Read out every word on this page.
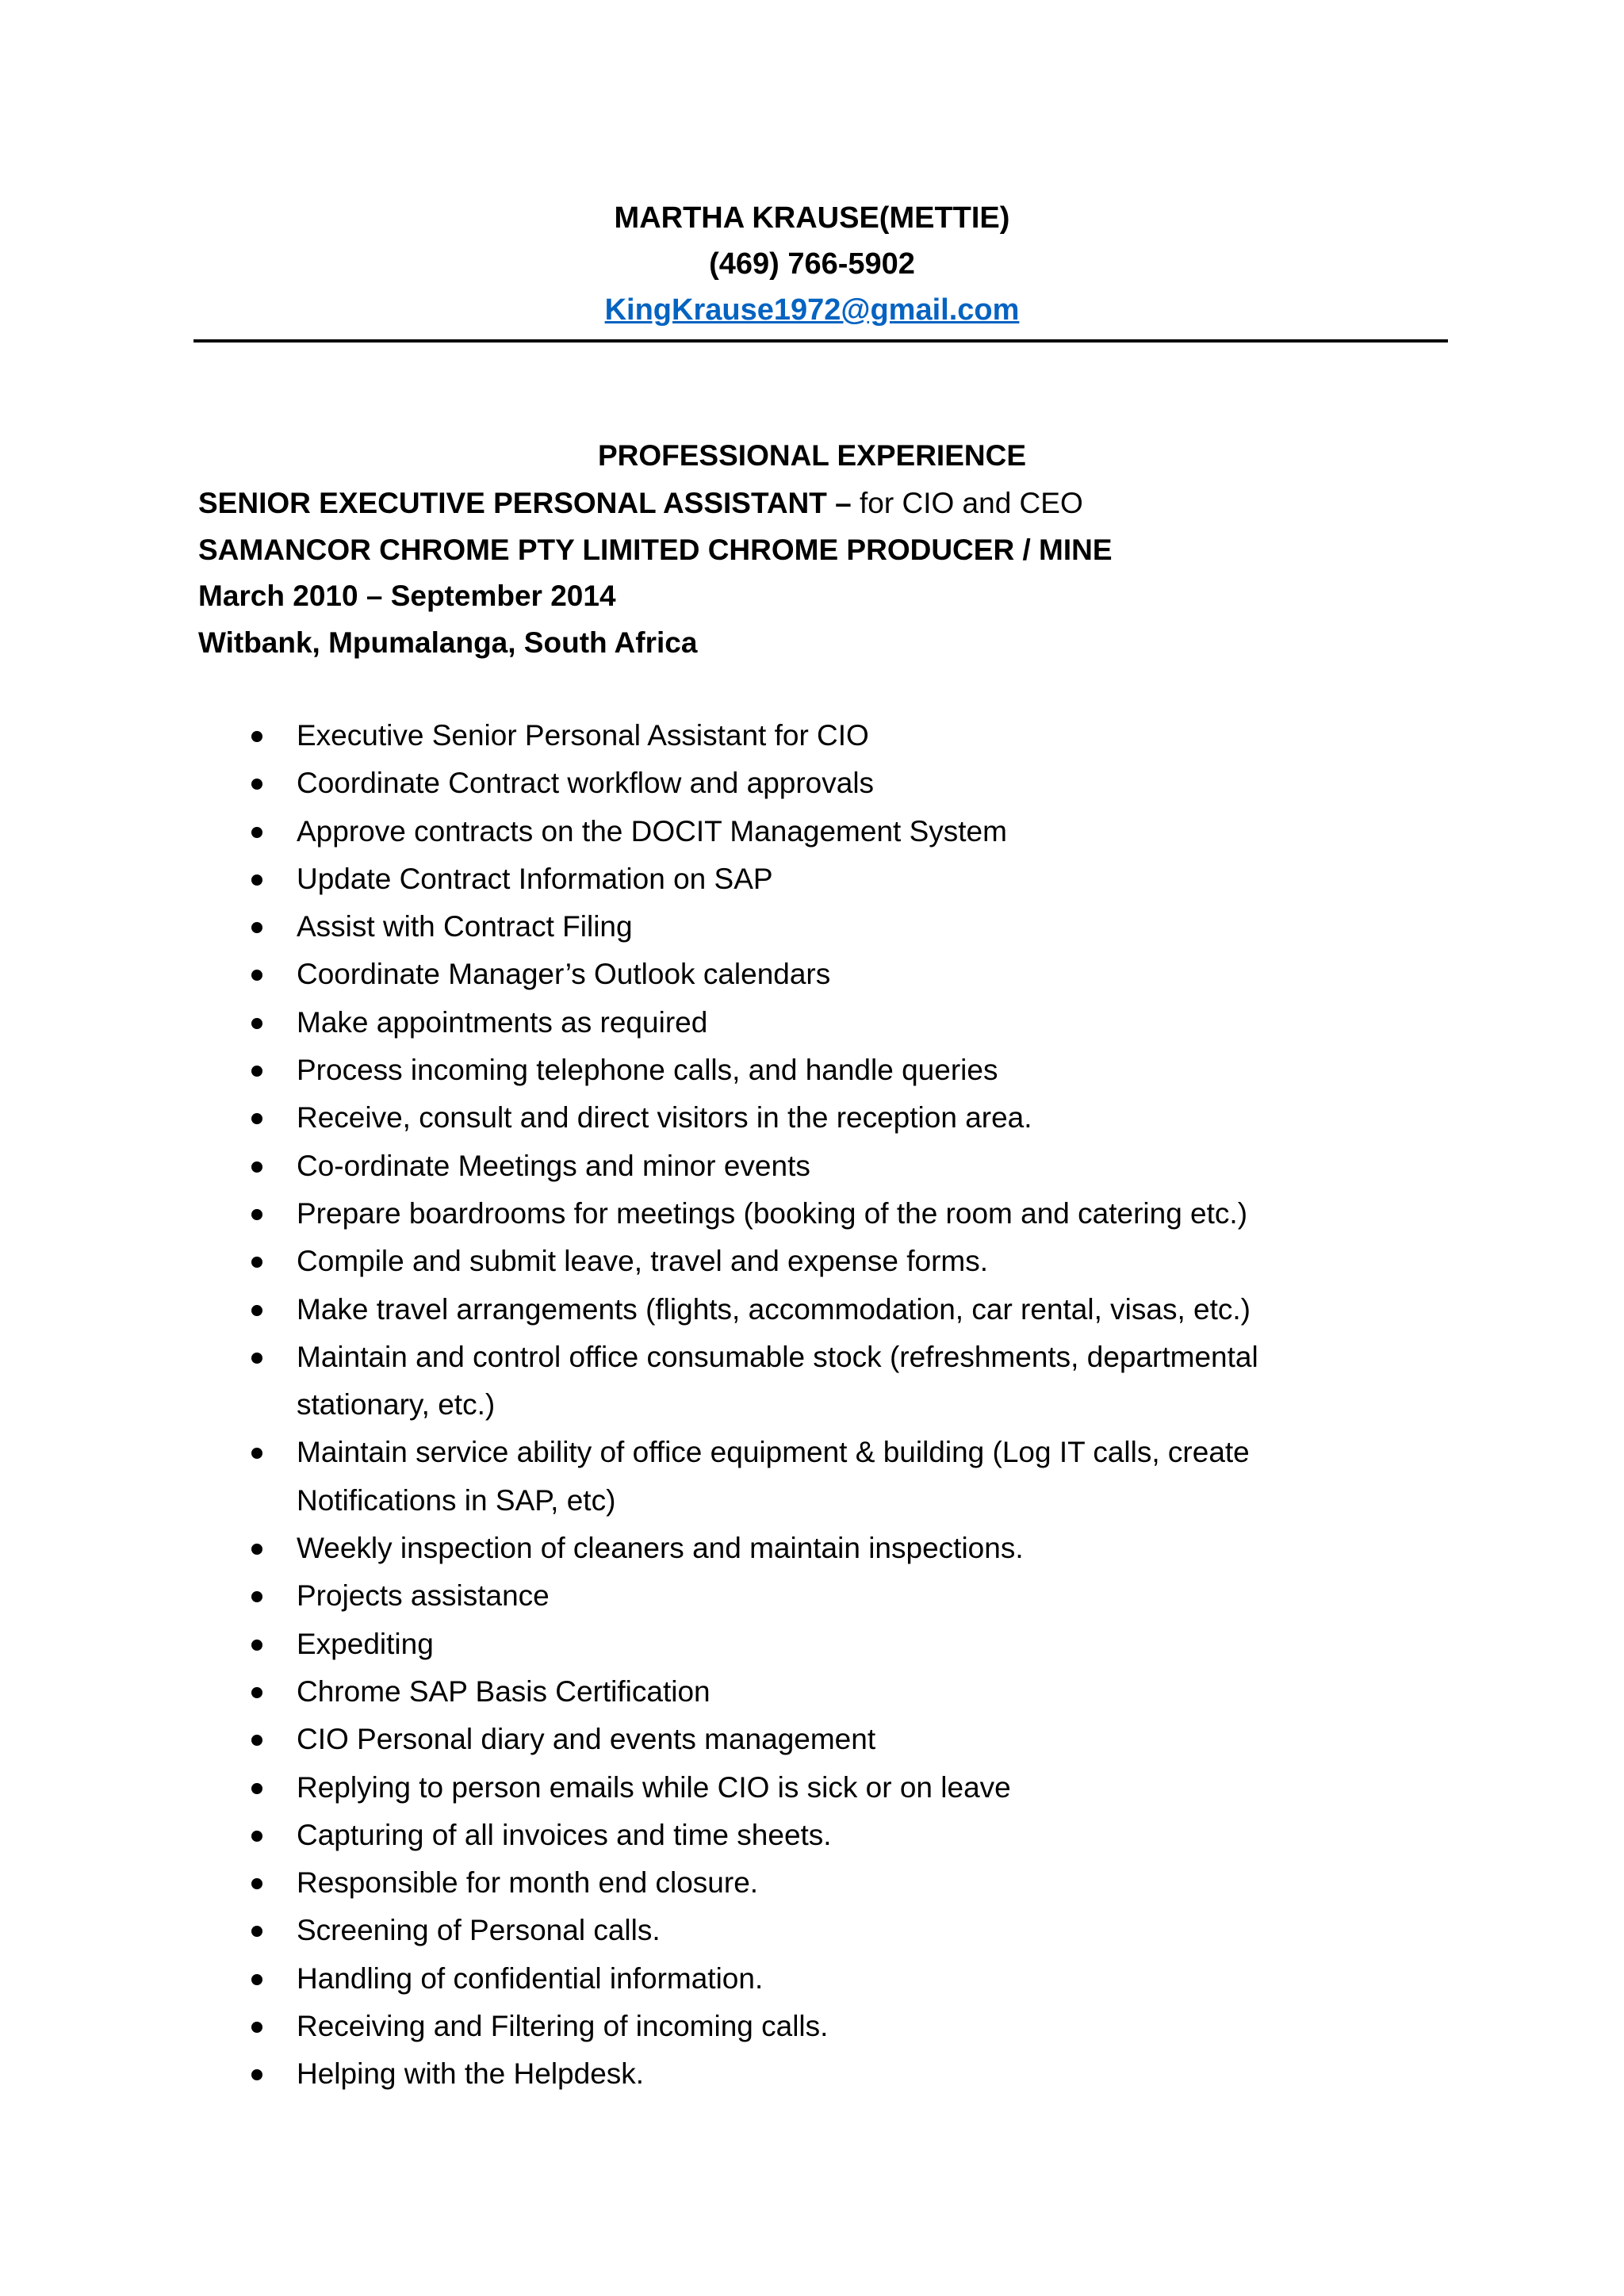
MARTHA KRAUSE(METTIE)
(469) 766-5902
KingKrause1972@gmail.com
PROFESSIONAL EXPERIENCE
SENIOR EXECUTIVE PERSONAL ASSISTANT – for CIO and CEO
SAMANCOR CHROME PTY LIMITED CHROME PRODUCER / MINE
March 2010 – September 2014
Witbank, Mpumalanga, South Africa
Executive Senior Personal Assistant for CIO
Coordinate Contract workflow and approvals
Approve contracts on the DOCIT Management System
Update Contract Information on SAP
Assist with Contract Filing
Coordinate Manager’s Outlook calendars
Make appointments as required
Process incoming telephone calls, and handle queries
Receive, consult and direct visitors in the reception area.
Co-ordinate Meetings and minor events
Prepare boardrooms for meetings (booking of the room and catering etc.)
Compile and submit leave, travel and expense forms.
Make travel arrangements (flights, accommodation, car rental, visas, etc.)
Maintain and control office consumable stock (refreshments, departmental stationary, etc.)
Maintain service ability of office equipment & building (Log IT calls, create Notifications in SAP, etc)
Weekly inspection of cleaners and maintain inspections.
Projects assistance
Expediting
Chrome SAP Basis Certification
CIO Personal diary and events management
Replying to person emails while CIO is sick or on leave
Capturing of all invoices and time sheets.
Responsible for month end closure.
Screening of Personal calls.
Handling of confidential information.
Receiving and Filtering of incoming calls.
Helping with the Helpdesk.
